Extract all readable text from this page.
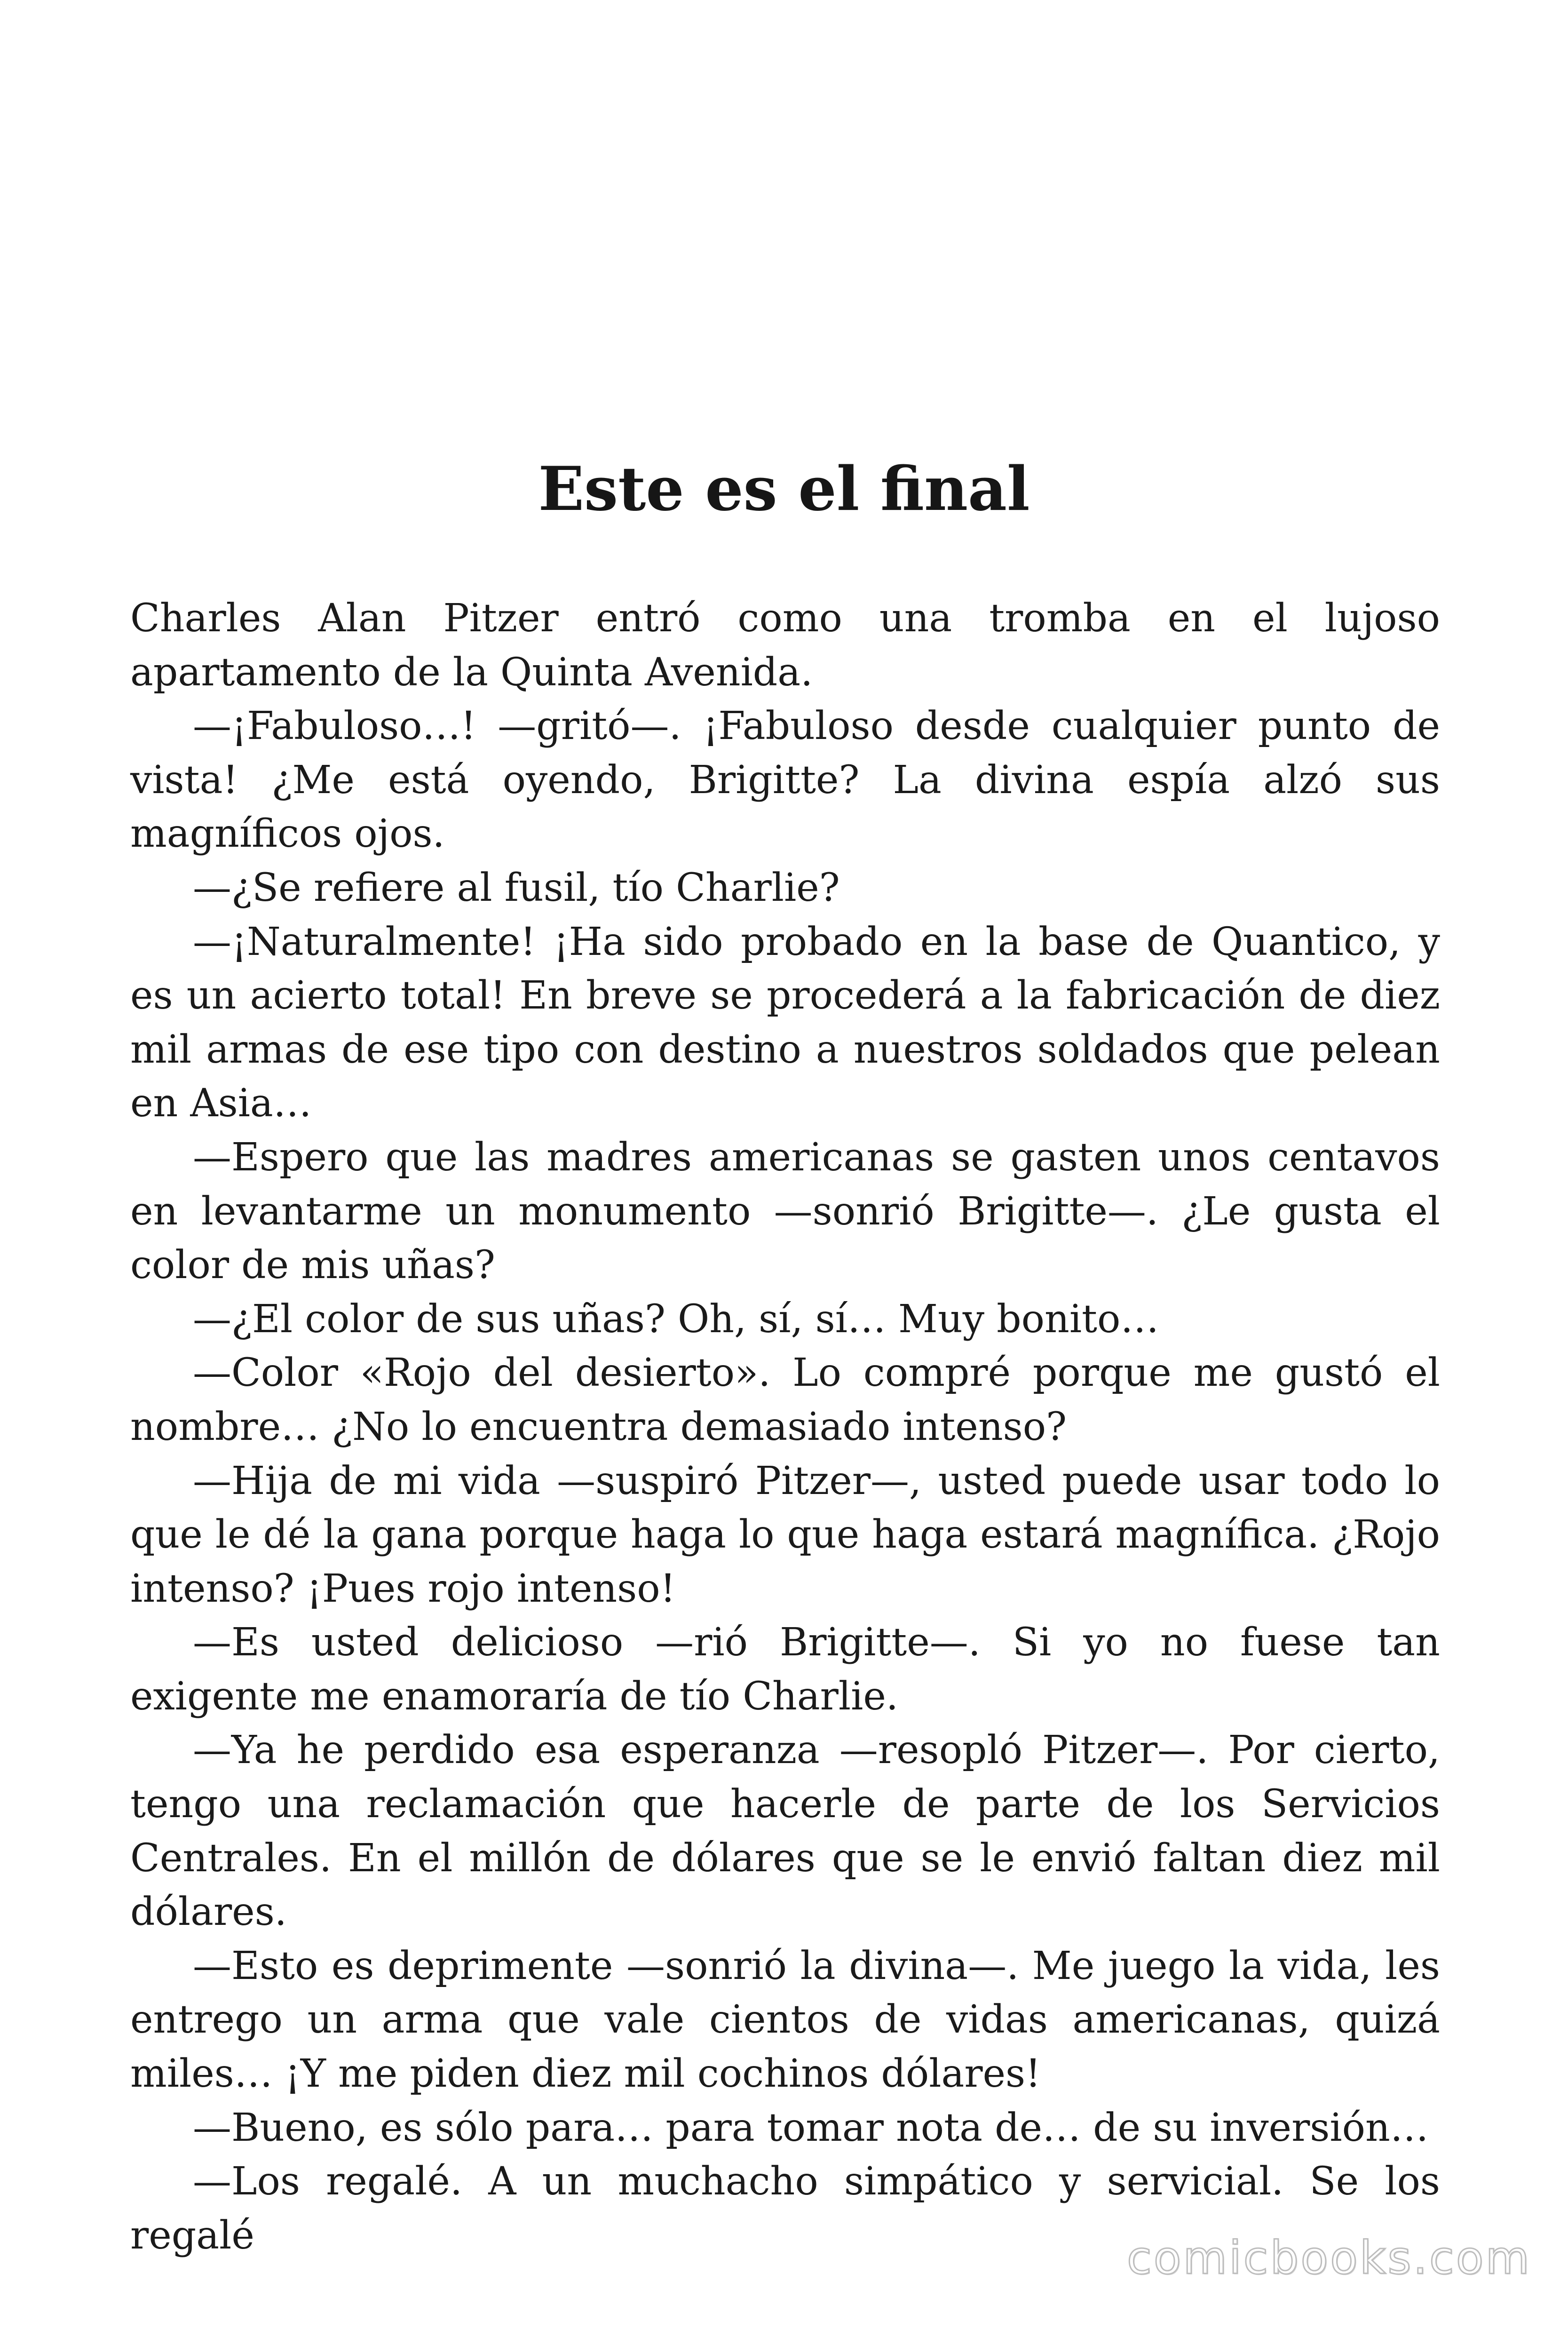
Este es el final

Charles Alan Pitzer entró como una tromba en el lujoso apartamento de la Quinta Avenida.

—¡Fabuloso…! —gritó—. ¡Fabuloso desde cualquier punto de vista! ¿Me está oyendo, Brigitte? La divina espía alzó sus magníficos ojos.

—¿Se refiere al fusil, tío Charlie?

—¡Naturalmente! ¡Ha sido probado en la base de Quantico, y es un acierto total! En breve se procederá a la fabricación de diez mil armas de ese tipo con destino a nuestros soldados que pelean en Asia…

—Espero que las madres americanas se gasten unos centavos en levantarme un monumento —sonrió Brigitte—. ¿Le gusta el color de mis uñas?

—¿El color de sus uñas? Oh, sí, sí… Muy bonito…

—Color «Rojo del desierto». Lo compré porque me gustó el nombre… ¿No lo encuentra demasiado intenso?

—Hija de mi vida —suspiró Pitzer—, usted puede usar todo lo que le dé la gana porque haga lo que haga estará magnífica. ¿Rojo intenso? ¡Pues rojo intenso!

—Es usted delicioso —rió Brigitte—. Si yo no fuese tan exigente me enamoraría de tío Charlie.

—Ya he perdido esa esperanza —resopló Pitzer—. Por cierto, tengo una reclamación que hacerle de parte de los Servicios Centrales. En el millón de dólares que se le envió faltan diez mil dólares.

—Esto es deprimente —sonrió la divina—. Me juego la vida, les entrego un arma que vale cientos de vidas americanas, quizá miles… ¡Y me piden diez mil cochinos dólares!

—Bueno, es sólo para… para tomar nota de… de su inversión…

—Los regalé. A un muchacho simpático y servicial. Se los regalé	comicbooks.com
